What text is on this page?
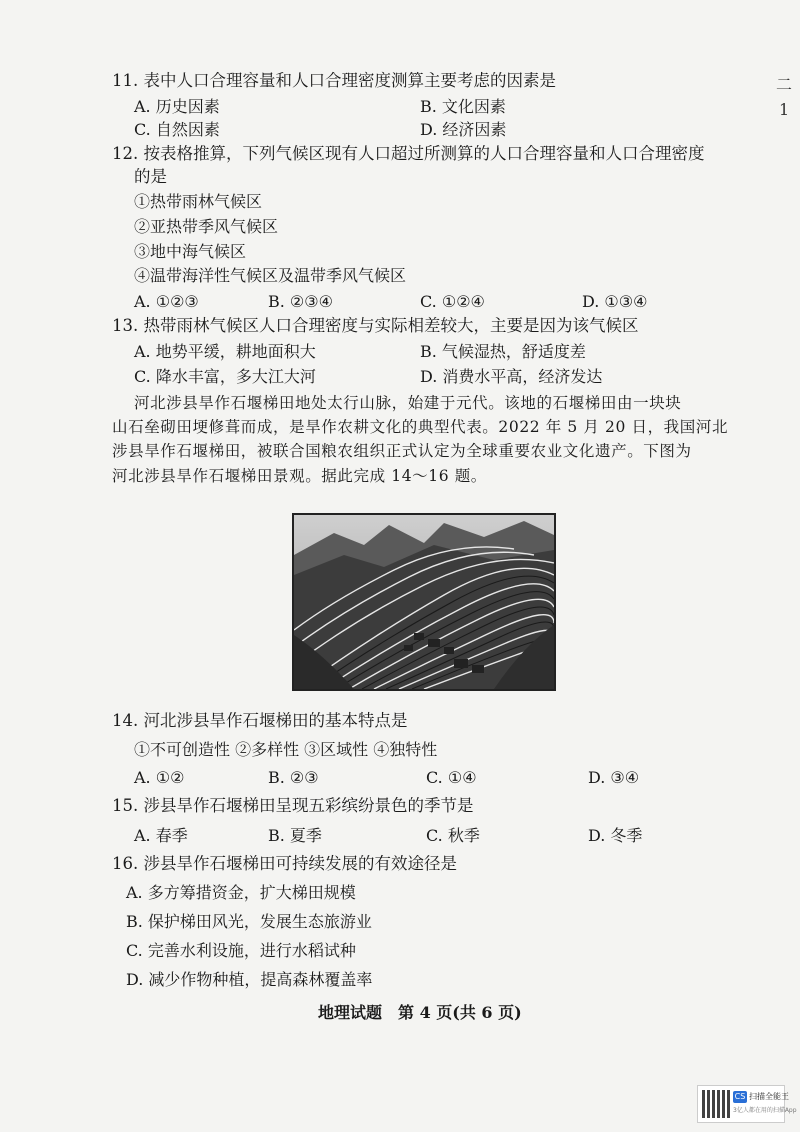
二
1
11. 表中人口合理容量和人口合理密度测算主要考虑的因素是
A. 历史因素	B. 文化因素
C. 自然因素	D. 经济因素
12. 按表格推算，下列气候区现有人口超过所测算的人口合理容量和人口合理密度
的是
①热带雨林气候区
②亚热带季风气候区
③地中海气候区
④温带海洋性气候区及温带季风气候区
A. ①②③	B. ②③④	C. ①②④	D. ①③④
13. 热带雨林气候区人口合理密度与实际相差较大，主要是因为该气候区
A. 地势平缓，耕地面积大	B. 气候湿热，舒适度差
C. 降水丰富，多大江大河	D. 消费水平高，经济发达
河北涉县旱作石堰梯田地处太行山脉，始建于元代。该地的石堰梯田由一块块
山石垒砌田埂修葺而成，是旱作农耕文化的典型代表。2022 年 5 月 20 日，我国河北
涉县旱作石堰梯田，被联合国粮农组织正式认定为全球重要农业文化遗产。下图为
河北涉县旱作石堰梯田景观。据此完成 14～16 题。
14. 河北涉县旱作石堰梯田的基本特点是
①不可创造性 ②多样性 ③区域性 ④独特性
A. ①②	B. ②③	C. ①④	D. ③④
15. 涉县旱作石堰梯田呈现五彩缤纷景色的季节是
A. 春季	B. 夏季	C. 秋季	D. 冬季
16. 涉县旱作石堰梯田可持续发展的有效途径是
A. 多方筹措资金，扩大梯田规模
B. 保护梯田风光，发展生态旅游业
C. 完善水利设施，进行水稻试种
D. 减少作物种植，提高森林覆盖率
地理试题　第 4 页(共 6 页)
CS 扫描全能王
3亿人都在用的扫描App
